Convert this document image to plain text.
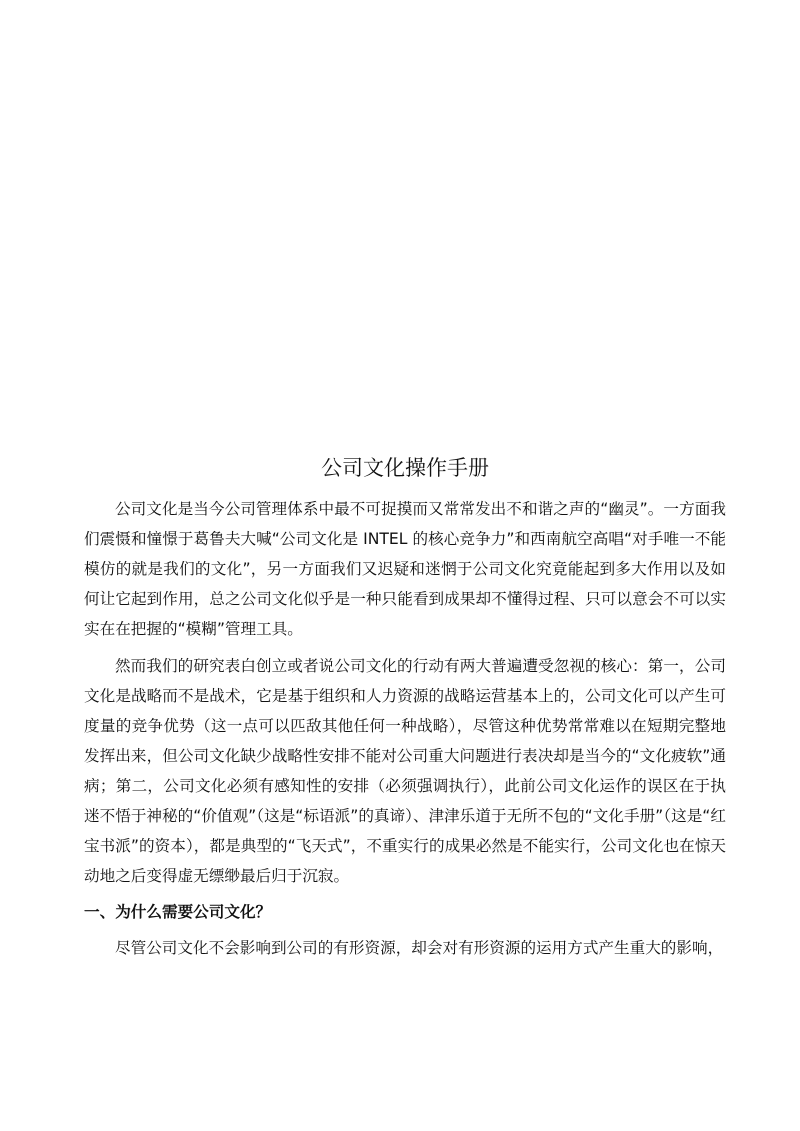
公司文化操作手册

公司文化是当今公司管理体系中最不可捉摸而又常常发出不和谐之声的“幽灵”。一方面我们震慑和憧憬于葛鲁夫大喊“公司文化是 INTEL 的核心竞争力”和西南航空高唱“对手唯一不能模仿的就是我们的文化”，另一方面我们又迟疑和迷惘于公司文化究竟能起到多大作用以及如何让它起到作用，总之公司文化似乎是一种只能看到成果却不懂得过程、只可以意会不可以实实在在把握的“模糊”管理工具。

然而我们的研究表白创立或者说公司文化的行动有两大普遍遭受忽视的核心：第一，公司文化是战略而不是战术，它是基于组织和人力资源的战略运营基本上的，公司文化可以产生可度量的竞争优势（这一点可以匹敌其他任何一种战略），尽管这种优势常常难以在短期完整地发挥出来，但公司文化缺少战略性安排不能对公司重大问题进行表决却是当今的“文化疲软”通病；第二，公司文化必须有感知性的安排（必须强调执行），此前公司文化运作的误区在于执迷不悟于神秘的“价值观”（这是“标语派”的真谛）、津津乐道于无所不包的“文化手册”（这是“红宝书派”的资本），都是典型的“飞天式”，不重实行的成果必然是不能实行，公司文化也在惊天动地之后变得虚无缥缈最后归于沉寂。

一、为什么需要公司文化？

尽管公司文化不会影响到公司的有形资源，却会对有形资源的运用方式产生重大的影响，
